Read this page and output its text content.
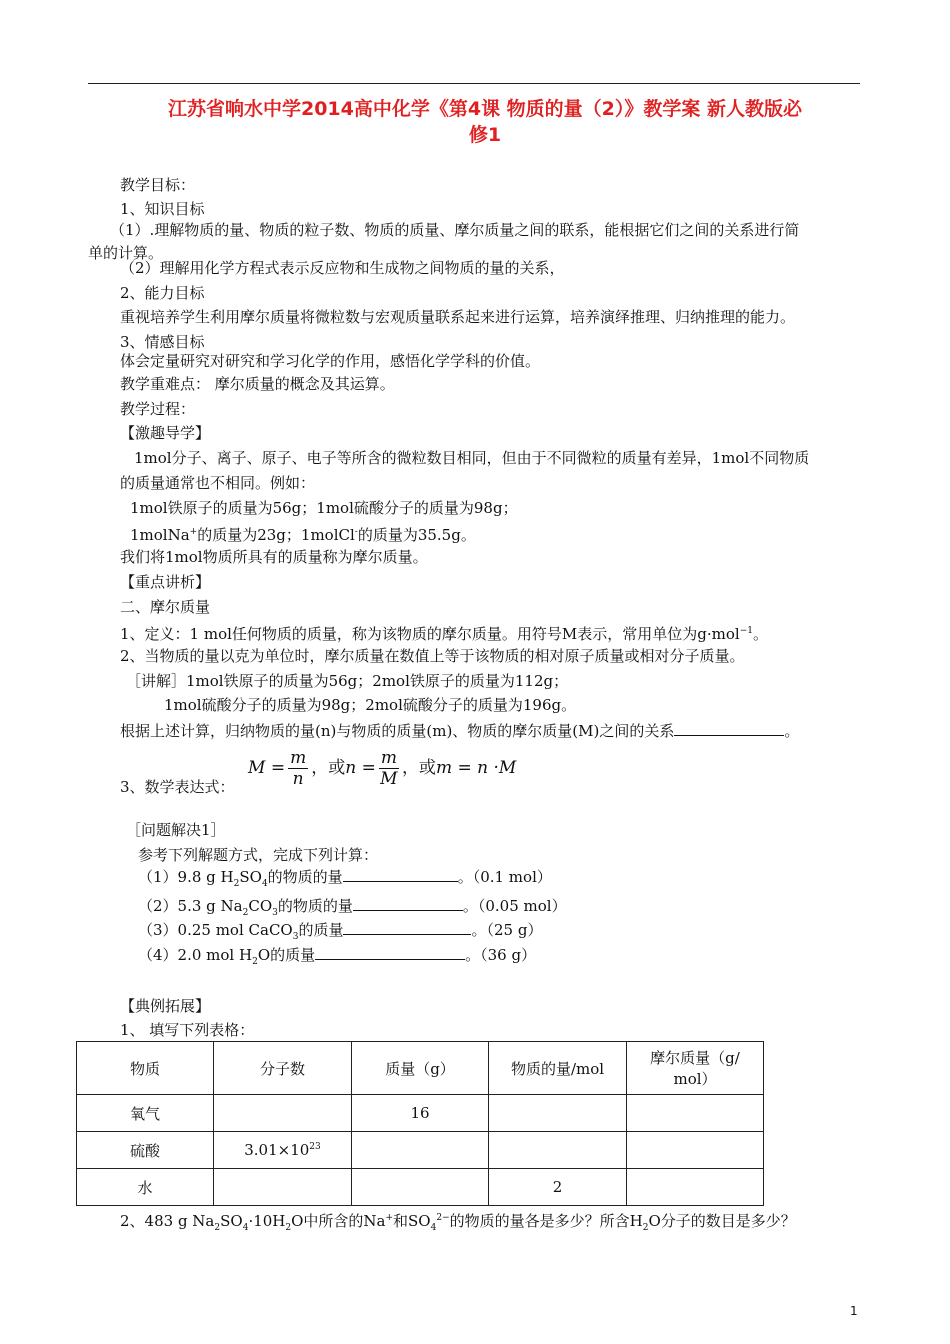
江苏省响水中学2014高中化学《第4课 物质的量（2）》教学案 新人教版必
修1
教学目标：
1、知识目标
（1）.理解物质的量、物质的粒子数、物质的质量、摩尔质量之间的联系，能根据它们之间的关系进行简
单的计算。
（2）理解用化学方程式表示反应物和生成物之间物质的量的关系，
2、能力目标
重视培养学生利用摩尔质量将微粒数与宏观质量联系起来进行运算，培养演绎推理、归纳推理的能力。
3、情感目标
体会定量研究对研究和学习化学的作用，感悟化学学科的价值。
教学重难点： 摩尔质量的概念及其运算。
教学过程：
【激趣导学】
1mol分子、离子、原子、电子等所含的微粒数目相同，但由于不同微粒的质量有差异，1mol不同物质
的质量通常也不相同。例如：
1mol铁原子的质量为56g；1mol硫酸分子的质量为98g；
1molNa+的质量为23g；1molCl-的质量为35.5g。
我们将1mol物质所具有的质量称为摩尔质量。
【重点讲析】
二、摩尔质量
1、定义：1 mol任何物质的质量，称为该物质的摩尔质量。用符号M表示，常用单位为g·mol$^{-1}$。
2、当物质的量以克为单位时，摩尔质量在数值上等于该物质的相对原子质量或相对分子质量。
［讲解］1mol铁原子的质量为56g；2mol铁原子的质量为112g；
1mol硫酸分子的质量为98g；2mol硫酸分子的质量为196g。
根据上述计算，归纳物质的量(n)与物质的质量(m)、物质的摩尔质量(M)之间的关系	。
$M = \frac{m}{n}$ ，或$n = \frac{m}{M}$ ，或m = n ·M
3、数学表达式：
［问题解决1］
参考下列解题方式，完成下列计算：
（1）9.8 g $H_2SO_4$的物质的量	。（0.1 mol）
（2）5.3 g $Na_2CO_3$的物质的量	。（0.05 mol）
（3）0.25 mol CaCO$_3$的质量	。（25 g）
（4）2.0 mol $H_2O$的质量	。（36 g）
【典例拓展】
1、 填写下列表格：
物质	分子数	质量（g）	物质的量/mol	摩尔质量（g/
mol）

氧气		16		
硫酸	$3.01\times 10^{23}$			
水			2	
2、483 g $Na_2SO_4\cdot 10H_2O$中所含的Na+和$SO_4^{2-}$的物质的量各是多少？所含$H_2O$分子的数目是多少？
1
